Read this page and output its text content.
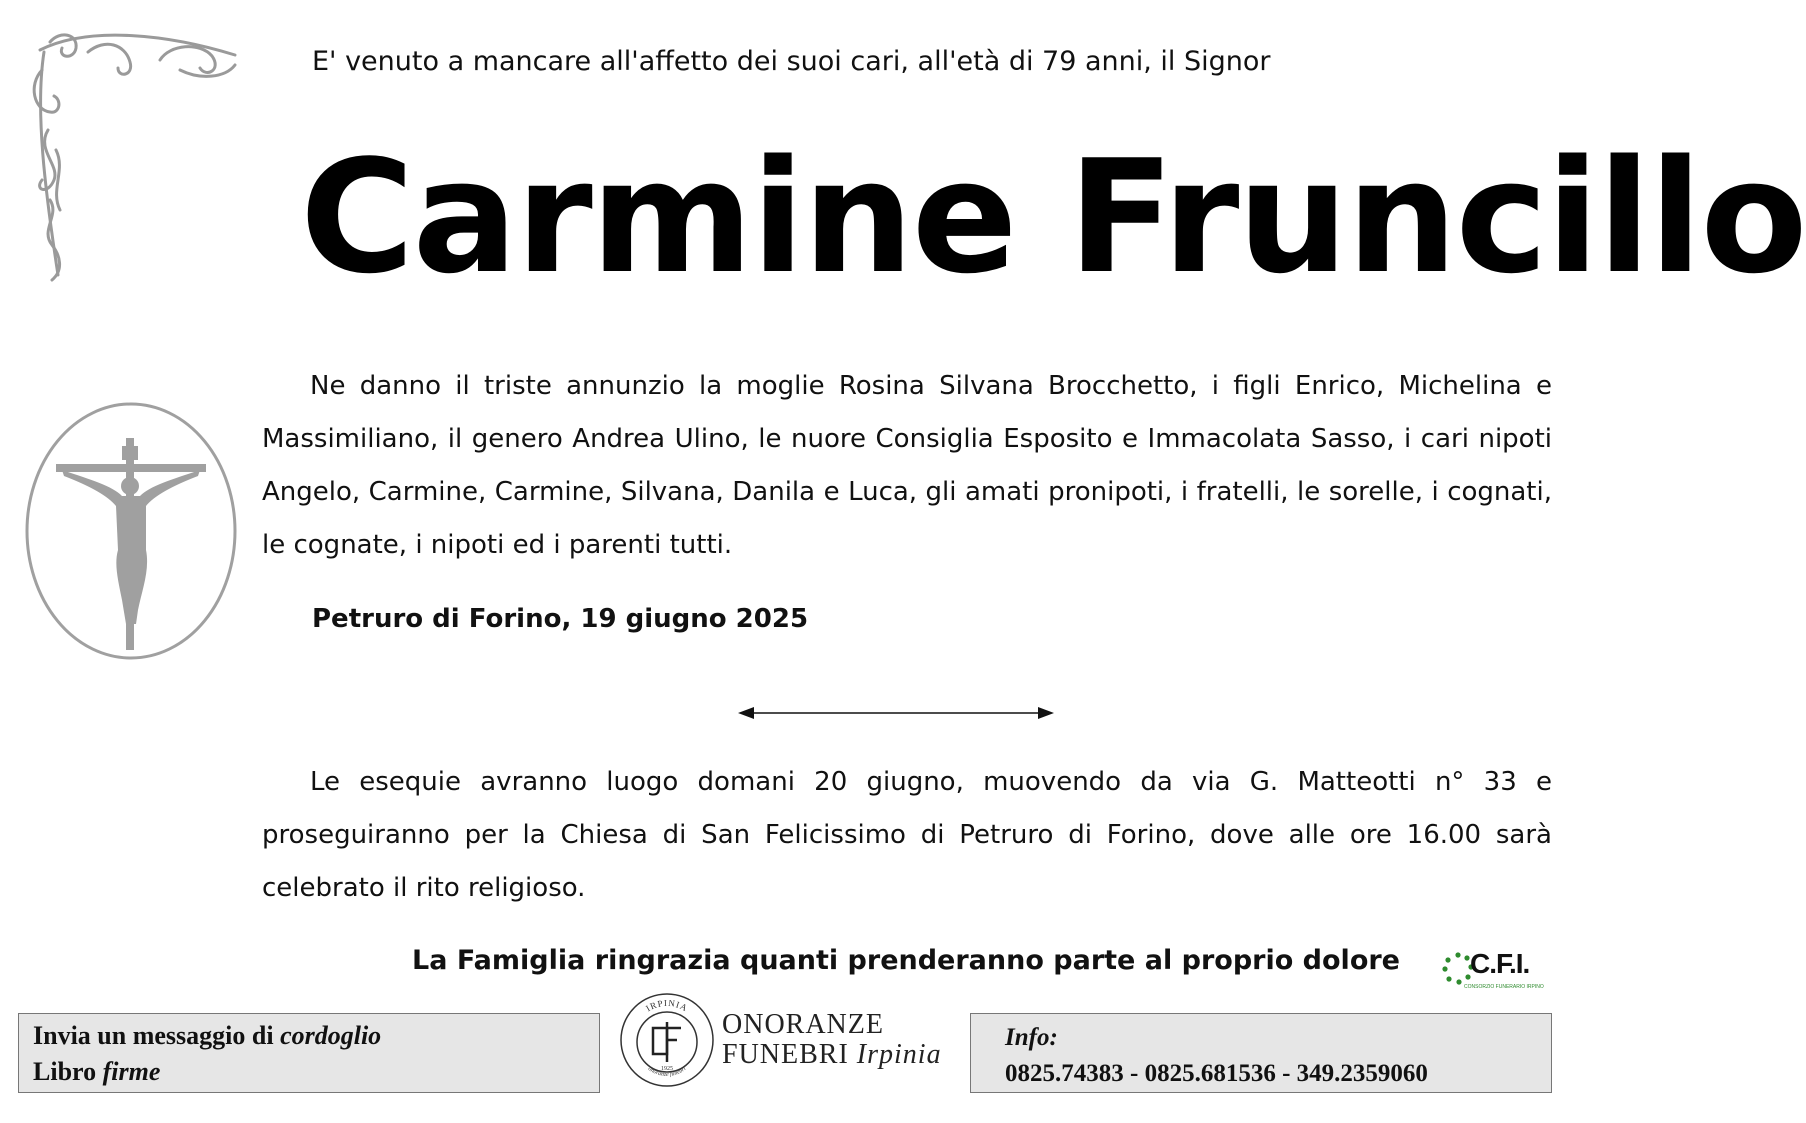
E' venuto a mancare all'affetto dei suoi cari, all'età di 79 anni, il Signor

Carmine Fruncillo

Ne danno il triste annunzio la moglie Rosina Silvana Brocchetto, i figli Enrico, Michelina e Massimiliano, il genero Andrea Ulino, le nuore Consiglia Esposito e Immacolata Sasso, i cari nipoti Angelo, Carmine, Carmine, Silvana, Danila e Luca, gli amati pronipoti, i fratelli, le sorelle, i cognati, le cognate, i nipoti ed i parenti tutti.

Petruro di Forino, 19 giugno 2025

Le esequie avranno luogo domani 20 giugno, muovendo da via G. Matteotti n° 33 e proseguiranno per la Chiesa di San Felicissimo di Petruro di Forino, dove alle ore 16.00 sarà celebrato il rito religioso.

La Famiglia ringrazia quanti prenderanno parte al proprio dolore	C.F.I.
CONSORZIO FUNERARIO IRPINO
Invia un messaggio di cordoglio
Libro firme
IRPINIA
onoranze funebri
1925
ONORANZE
FUNEBRI Irpinia
Info:
0825.74383 - 0825.681536 - 349.2359060
